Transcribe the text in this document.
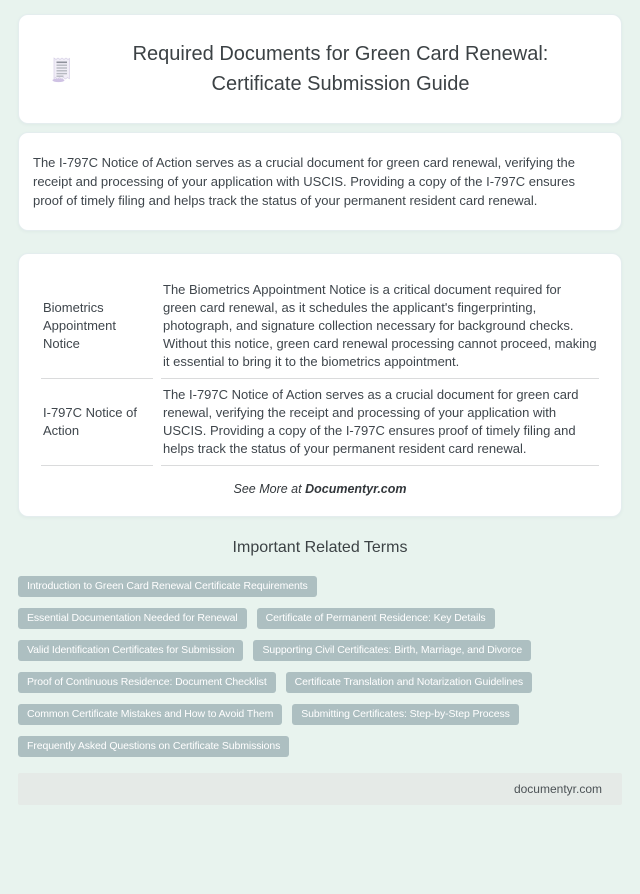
Required Documents for Green Card Renewal: Certificate Submission Guide

The I-797C Notice of Action serves as a crucial document for green card renewal, verifying the receipt and processing of your application with USCIS. Providing a copy of the I-797C ensures proof of timely filing and helps track the status of your permanent resident card renewal.

Biometrics Appointment Notice	The Biometrics Appointment Notice is a critical document required for green card renewal, as it schedules the applicant's fingerprinting, photograph, and signature collection necessary for background checks. Without this notice, green card renewal processing cannot proceed, making it essential to bring it to the biometrics appointment.
I-797C Notice of Action	The I-797C Notice of Action serves as a crucial document for green card renewal, verifying the receipt and processing of your application with USCIS. Providing a copy of the I-797C ensures proof of timely filing and helps track the status of your permanent resident card renewal.

See More at Documentyr.com

Important Related Terms
Introduction to Green Card Renewal Certificate Requirements
Essential Documentation Needed for Renewal	Certificate of Permanent Residence: Key Details
Valid Identification Certificates for Submission	Supporting Civil Certificates: Birth, Marriage, and Divorce
Proof of Continuous Residence: Document Checklist	Certificate Translation and Notarization Guidelines
Common Certificate Mistakes and How to Avoid Them	Submitting Certificates: Step-by-Step Process
Frequently Asked Questions on Certificate Submissions
documentyr.com
